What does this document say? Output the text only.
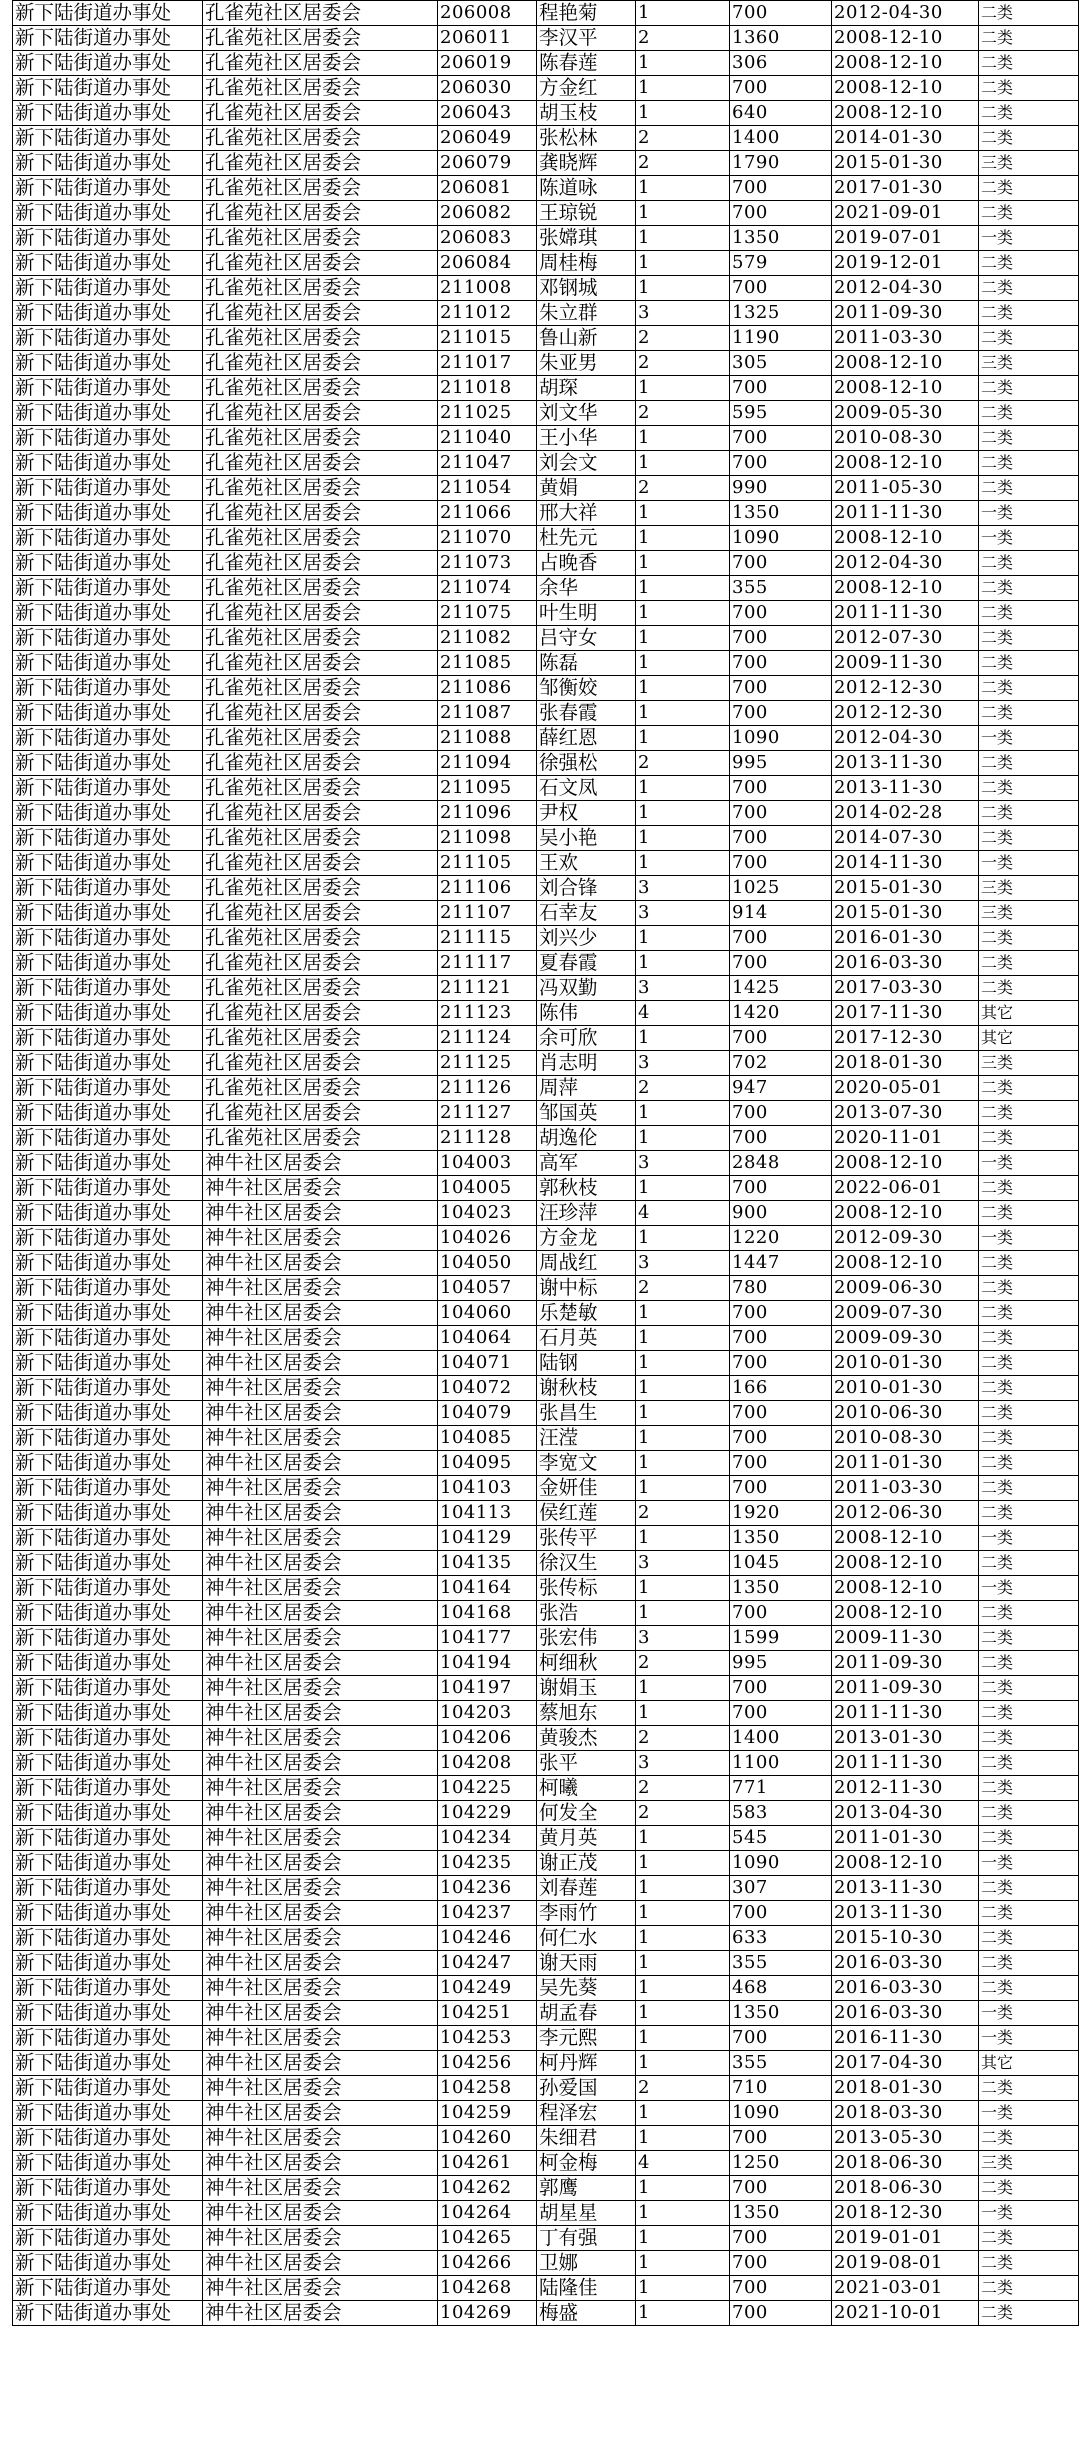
新下陆街道办事处	孔雀苑社区居委会	206008	程艳菊	1	700	2012-04-30	二类
新下陆街道办事处	孔雀苑社区居委会	206011	李汉平	2	1360	2008-12-10	二类
新下陆街道办事处	孔雀苑社区居委会	206019	陈春莲	1	306	2008-12-10	二类
新下陆街道办事处	孔雀苑社区居委会	206030	方金红	1	700	2008-12-10	二类
新下陆街道办事处	孔雀苑社区居委会	206043	胡玉枝	1	640	2008-12-10	二类
新下陆街道办事处	孔雀苑社区居委会	206049	张松林	2	1400	2014-01-30	二类
新下陆街道办事处	孔雀苑社区居委会	206079	龚晓辉	2	1790	2015-01-30	三类
新下陆街道办事处	孔雀苑社区居委会	206081	陈道咏	1	700	2017-01-30	二类
新下陆街道办事处	孔雀苑社区居委会	206082	王琼锐	1	700	2021-09-01	二类
新下陆街道办事处	孔雀苑社区居委会	206083	张嫦琪	1	1350	2019-07-01	一类
新下陆街道办事处	孔雀苑社区居委会	206084	周桂梅	1	579	2019-12-01	二类
新下陆街道办事处	孔雀苑社区居委会	211008	邓钢城	1	700	2012-04-30	二类
新下陆街道办事处	孔雀苑社区居委会	211012	朱立群	3	1325	2011-09-30	二类
新下陆街道办事处	孔雀苑社区居委会	211015	鲁山新	2	1190	2011-03-30	二类
新下陆街道办事处	孔雀苑社区居委会	211017	朱亚男	2	305	2008-12-10	三类
新下陆街道办事处	孔雀苑社区居委会	211018	胡琛	1	700	2008-12-10	二类
新下陆街道办事处	孔雀苑社区居委会	211025	刘文华	2	595	2009-05-30	二类
新下陆街道办事处	孔雀苑社区居委会	211040	王小华	1	700	2010-08-30	二类
新下陆街道办事处	孔雀苑社区居委会	211047	刘会文	1	700	2008-12-10	二类
新下陆街道办事处	孔雀苑社区居委会	211054	黄娟	2	990	2011-05-30	二类
新下陆街道办事处	孔雀苑社区居委会	211066	邢大祥	1	1350	2011-11-30	一类
新下陆街道办事处	孔雀苑社区居委会	211070	杜先元	1	1090	2008-12-10	一类
新下陆街道办事处	孔雀苑社区居委会	211073	占晚香	1	700	2012-04-30	二类
新下陆街道办事处	孔雀苑社区居委会	211074	余华	1	355	2008-12-10	二类
新下陆街道办事处	孔雀苑社区居委会	211075	叶生明	1	700	2011-11-30	二类
新下陆街道办事处	孔雀苑社区居委会	211082	吕守女	1	700	2012-07-30	二类
新下陆街道办事处	孔雀苑社区居委会	211085	陈磊	1	700	2009-11-30	二类
新下陆街道办事处	孔雀苑社区居委会	211086	邹衡姣	1	700	2012-12-30	二类
新下陆街道办事处	孔雀苑社区居委会	211087	张春霞	1	700	2012-12-30	二类
新下陆街道办事处	孔雀苑社区居委会	211088	薛红恩	1	1090	2012-04-30	一类
新下陆街道办事处	孔雀苑社区居委会	211094	徐强松	2	995	2013-11-30	二类
新下陆街道办事处	孔雀苑社区居委会	211095	石文凤	1	700	2013-11-30	二类
新下陆街道办事处	孔雀苑社区居委会	211096	尹权	1	700	2014-02-28	二类
新下陆街道办事处	孔雀苑社区居委会	211098	吴小艳	1	700	2014-07-30	二类
新下陆街道办事处	孔雀苑社区居委会	211105	王欢	1	700	2014-11-30	一类
新下陆街道办事处	孔雀苑社区居委会	211106	刘合锋	3	1025	2015-01-30	三类
新下陆街道办事处	孔雀苑社区居委会	211107	石幸友	3	914	2015-01-30	三类
新下陆街道办事处	孔雀苑社区居委会	211115	刘兴少	1	700	2016-01-30	二类
新下陆街道办事处	孔雀苑社区居委会	211117	夏春霞	1	700	2016-03-30	二类
新下陆街道办事处	孔雀苑社区居委会	211121	冯双勤	3	1425	2017-03-30	二类
新下陆街道办事处	孔雀苑社区居委会	211123	陈伟	4	1420	2017-11-30	其它
新下陆街道办事处	孔雀苑社区居委会	211124	余可欣	1	700	2017-12-30	其它
新下陆街道办事处	孔雀苑社区居委会	211125	肖志明	3	702	2018-01-30	三类
新下陆街道办事处	孔雀苑社区居委会	211126	周萍	2	947	2020-05-01	二类
新下陆街道办事处	孔雀苑社区居委会	211127	邹国英	1	700	2013-07-30	二类
新下陆街道办事处	孔雀苑社区居委会	211128	胡逸伦	1	700	2020-11-01	二类
新下陆街道办事处	神牛社区居委会	104003	高军	3	2848	2008-12-10	一类
新下陆街道办事处	神牛社区居委会	104005	郭秋枝	1	700	2022-06-01	二类
新下陆街道办事处	神牛社区居委会	104023	汪珍萍	4	900	2008-12-10	二类
新下陆街道办事处	神牛社区居委会	104026	方金龙	1	1220	2012-09-30	一类
新下陆街道办事处	神牛社区居委会	104050	周战红	3	1447	2008-12-10	二类
新下陆街道办事处	神牛社区居委会	104057	谢中标	2	780	2009-06-30	二类
新下陆街道办事处	神牛社区居委会	104060	乐楚敏	1	700	2009-07-30	二类
新下陆街道办事处	神牛社区居委会	104064	石月英	1	700	2009-09-30	二类
新下陆街道办事处	神牛社区居委会	104071	陆钢	1	700	2010-01-30	二类
新下陆街道办事处	神牛社区居委会	104072	谢秋枝	1	166	2010-01-30	二类
新下陆街道办事处	神牛社区居委会	104079	张昌生	1	700	2010-06-30	二类
新下陆街道办事处	神牛社区居委会	104085	汪滢	1	700	2010-08-30	二类
新下陆街道办事处	神牛社区居委会	104095	李宽文	1	700	2011-01-30	二类
新下陆街道办事处	神牛社区居委会	104103	金妍佳	1	700	2011-03-30	二类
新下陆街道办事处	神牛社区居委会	104113	侯红莲	2	1920	2012-06-30	二类
新下陆街道办事处	神牛社区居委会	104129	张传平	1	1350	2008-12-10	一类
新下陆街道办事处	神牛社区居委会	104135	徐汉生	3	1045	2008-12-10	二类
新下陆街道办事处	神牛社区居委会	104164	张传标	1	1350	2008-12-10	一类
新下陆街道办事处	神牛社区居委会	104168	张浩	1	700	2008-12-10	二类
新下陆街道办事处	神牛社区居委会	104177	张宏伟	3	1599	2009-11-30	二类
新下陆街道办事处	神牛社区居委会	104194	柯细秋	2	995	2011-09-30	二类
新下陆街道办事处	神牛社区居委会	104197	谢娟玉	1	700	2011-09-30	二类
新下陆街道办事处	神牛社区居委会	104203	蔡旭东	1	700	2011-11-30	二类
新下陆街道办事处	神牛社区居委会	104206	黄骏杰	2	1400	2013-01-30	二类
新下陆街道办事处	神牛社区居委会	104208	张平	3	1100	2011-11-30	二类
新下陆街道办事处	神牛社区居委会	104225	柯曦	2	771	2012-11-30	二类
新下陆街道办事处	神牛社区居委会	104229	何发全	2	583	2013-04-30	二类
新下陆街道办事处	神牛社区居委会	104234	黄月英	1	545	2011-01-30	二类
新下陆街道办事处	神牛社区居委会	104235	谢正茂	1	1090	2008-12-10	一类
新下陆街道办事处	神牛社区居委会	104236	刘春莲	1	307	2013-11-30	二类
新下陆街道办事处	神牛社区居委会	104237	李雨竹	1	700	2013-11-30	二类
新下陆街道办事处	神牛社区居委会	104246	何仁水	1	633	2015-10-30	二类
新下陆街道办事处	神牛社区居委会	104247	谢天雨	1	355	2016-03-30	二类
新下陆街道办事处	神牛社区居委会	104249	吴先葵	1	468	2016-03-30	二类
新下陆街道办事处	神牛社区居委会	104251	胡孟春	1	1350	2016-03-30	一类
新下陆街道办事处	神牛社区居委会	104253	李元熙	1	700	2016-11-30	一类
新下陆街道办事处	神牛社区居委会	104256	柯丹辉	1	355	2017-04-30	其它
新下陆街道办事处	神牛社区居委会	104258	孙爱国	2	710	2018-01-30	二类
新下陆街道办事处	神牛社区居委会	104259	程泽宏	1	1090	2018-03-30	一类
新下陆街道办事处	神牛社区居委会	104260	朱细君	1	700	2013-05-30	二类
新下陆街道办事处	神牛社区居委会	104261	柯金梅	4	1250	2018-06-30	三类
新下陆街道办事处	神牛社区居委会	104262	郭鹰	1	700	2018-06-30	二类
新下陆街道办事处	神牛社区居委会	104264	胡星星	1	1350	2018-12-30	一类
新下陆街道办事处	神牛社区居委会	104265	丁有强	1	700	2019-01-01	二类
新下陆街道办事处	神牛社区居委会	104266	卫娜	1	700	2019-08-01	二类
新下陆街道办事处	神牛社区居委会	104268	陆隆佳	1	700	2021-03-01	二类
新下陆街道办事处	神牛社区居委会	104269	梅盛	1	700	2021-10-01	二类
